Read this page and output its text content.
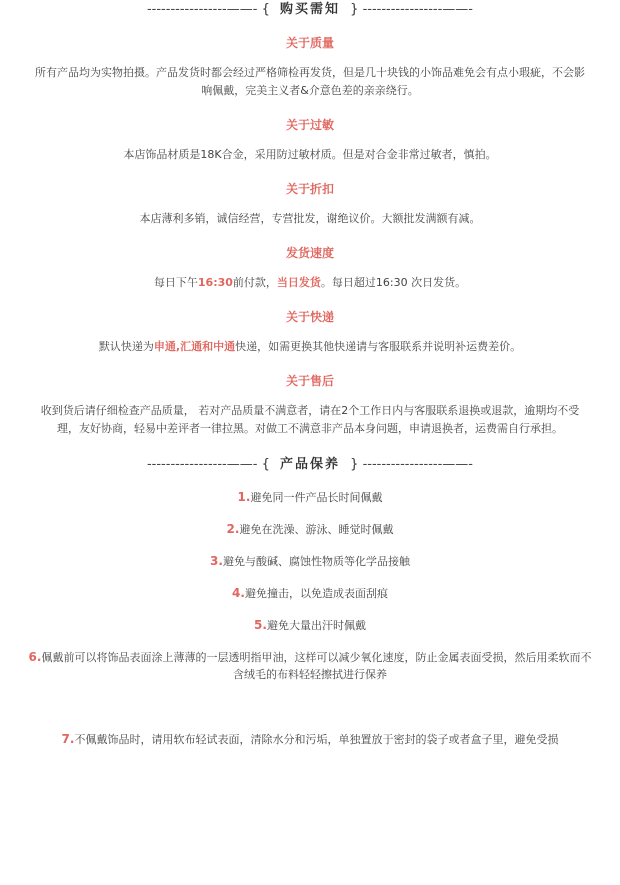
-----------------——- { 购买需知 } -----------------——-
关于质量
所有产品均为实物拍摄。产品发货时都会经过严格筛检再发货，但是几十块钱的小饰品难免会有点小瑕疵，不会影
响佩戴，完美主义者&介意色差的亲亲绕行。
关于过敏
本店饰品材质是18K合金，采用防过敏材质。但是对合金非常过敏者，慎拍。
关于折扣
本店薄利多销，诚信经营，专营批发，谢绝议价。大额批发满额有减。
发货速度
每日下午16:30前付款，当日发货。每日超过16:30 次日发货。
关于快递
默认快递为申通,汇通和中通快递，如需更换其他快递请与客服联系并说明补运费差价。
关于售后
收到货后请仔细检查产品质量， 若对产品质量不满意者，请在2个工作日内与客服联系退换或退款，逾期均不受
理，友好协商，轻易中差评者一律拉黑。对做工不满意非产品本身问题，申请退换者，运费需自行承担。
-----------------——- { 产品保养 } -----------------——-
1.避免同一件产品长时间佩戴
2.避免在洗澡、游泳、睡觉时佩戴
3.避免与酸碱、腐蚀性物质等化学品接触
4.避免撞击，以免造成表面刮痕
5.避免大量出汗时佩戴
6.佩戴前可以将饰品表面涂上薄薄的一层透明指甲油，这样可以减少氧化速度，防止金属表面受损，然后用柔软而不
含绒毛的布料轻轻擦拭进行保养
7.不佩戴饰品时，请用软布轻试表面，清除水分和污垢，单独置放于密封的袋子或者盒子里，避免受损
